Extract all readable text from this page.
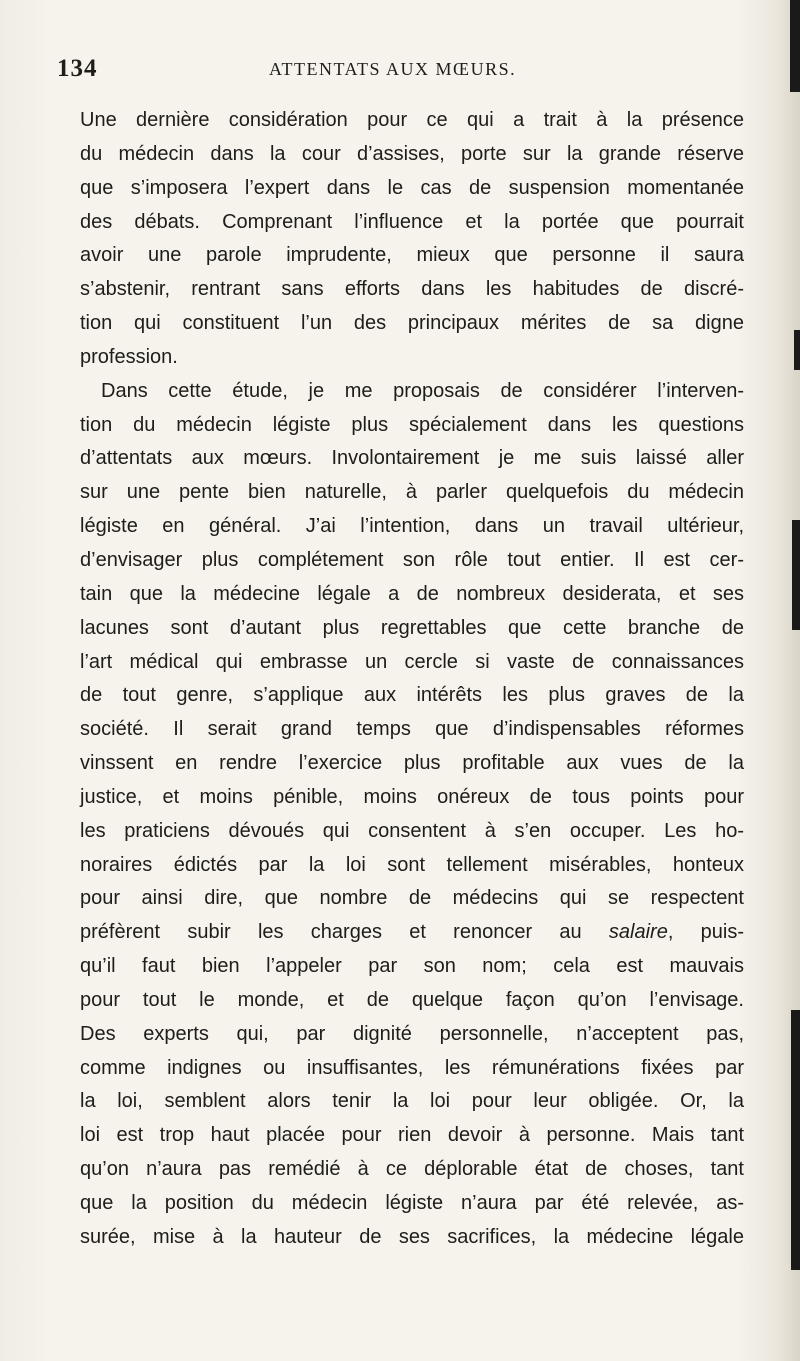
134	ATTENTATS AUX MŒURS.
Une dernière considération pour ce qui a trait à la présence
du médecin dans la cour d’assises, porte sur la grande réserve
que s’imposera l’expert dans le cas de suspension momentanée
des débats. Comprenant l’influence et la portée que pourrait
avoir une parole imprudente, mieux que personne il saura
s’abstenir, rentrant sans efforts dans les habitudes de discré-
tion qui constituent l’un des principaux mérites de sa digne
profession.
Dans cette étude, je me proposais de considérer l’interven-
tion du médecin légiste plus spécialement dans les questions
d’attentats aux mœurs. Involontairement je me suis laissé aller
sur une pente bien naturelle, à parler quelquefois du médecin
légiste en général. J’ai l’intention, dans un travail ultérieur,
d’envisager plus complétement son rôle tout entier. Il est cer-
tain que la médecine légale a de nombreux desiderata, et ses
lacunes sont d’autant plus regrettables que cette branche de
l’art médical qui embrasse un cercle si vaste de connaissances
de tout genre, s’applique aux intérêts les plus graves de la
société. Il serait grand temps que d’indispensables réformes
vinssent en rendre l’exercice plus profitable aux vues de la
justice, et moins pénible, moins onéreux de tous points pour
les praticiens dévoués qui consentent à s’en occuper. Les ho-
noraires édictés par la loi sont tellement misérables, honteux
pour ainsi dire, que nombre de médecins qui se respectent
préfèrent subir les charges et renoncer au salaire, puis-
qu’il faut bien l’appeler par son nom; cela est mauvais
pour tout le monde, et de quelque façon qu’on l’envisage.
Des experts qui, par dignité personnelle, n’acceptent pas,
comme indignes ou insuffisantes, les rémunérations fixées par
la loi, semblent alors tenir la loi pour leur obligée. Or, la
loi est trop haut placée pour rien devoir à personne. Mais tant
qu’on n’aura pas remédié à ce déplorable état de choses, tant
que la position du médecin légiste n’aura par été relevée, as-
surée, mise à la hauteur de ses sacrifices, la médecine légale
